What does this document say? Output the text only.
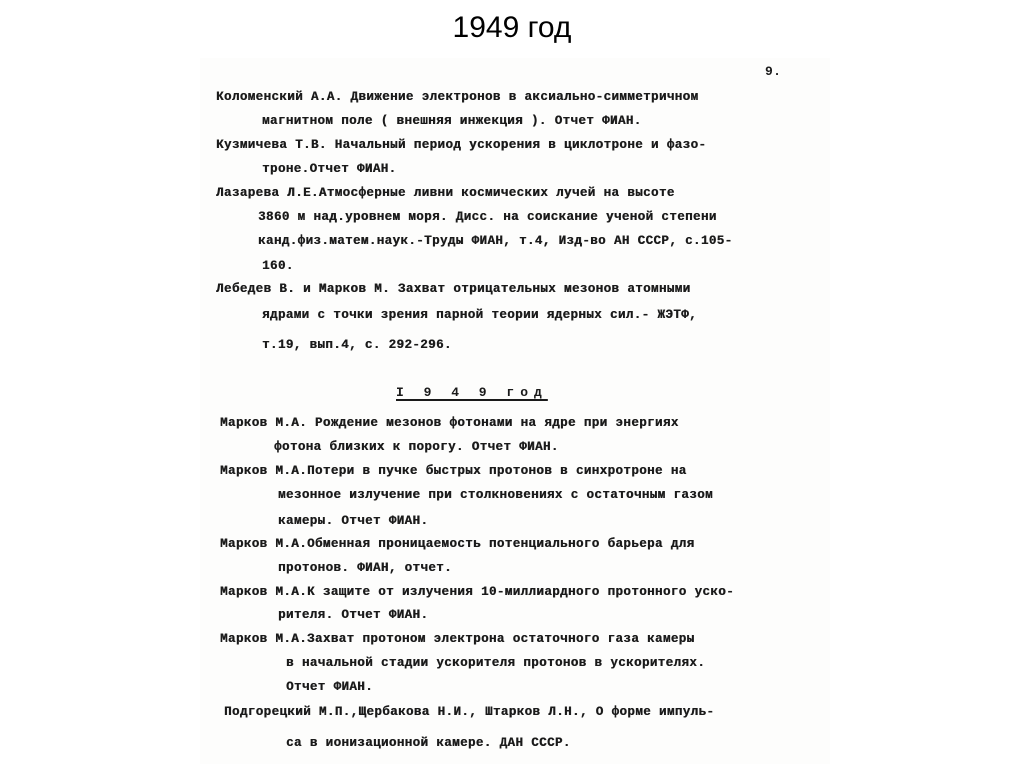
1949 год
9.
Коломенский А.А. Движение электронов в аксиально-симметричном
магнитном поле ( внешняя инжекция ). Отчет ФИАН.
Кузмичева Т.В. Начальный период ускорения в циклотроне и фазо-
троне.Отчет ФИАН.
Лазарева Л.Е.Атмосферные ливни космических лучей на высоте
3860 м над.уровнем моря. Дисс. на соискание ученой степени
канд.физ.матем.наук.-Труды ФИАН, т.4, Изд-во АН СССР, с.105-
160.
Лебедев В. и Марков М. Захват отрицательных мезонов атомными
ядрами с точки зрения парной теории ядерных сил.- ЖЭТФ,
т.19, вып.4, с. 292-296.
I 9 4 9 год
Марков М.А. Рождение мезонов фотонами на ядре при энергиях
фотона близких к порогу. Отчет ФИАН.
Марков М.А.Потери в пучке быстрых протонов в синхротроне на
мезонное излучение при столкновениях с остаточным газом
камеры. Отчет ФИАН.
Марков М.А.Обменная проницаемость потенциального барьера для
протонов. ФИАН, отчет.
Марков М.А.К защите от излучения 10-миллиардного протонного уско-
рителя. Отчет ФИАН.
Марков М.А.Захват протоном электрона остаточного газа камеры
в начальной стадии ускорителя протонов в ускорителях.
Отчет ФИАН.
Подгорецкий М.П.,Щербакова Н.И., Штарков Л.Н., О форме импуль-
са в ионизационной камере. ДАН СССР.
